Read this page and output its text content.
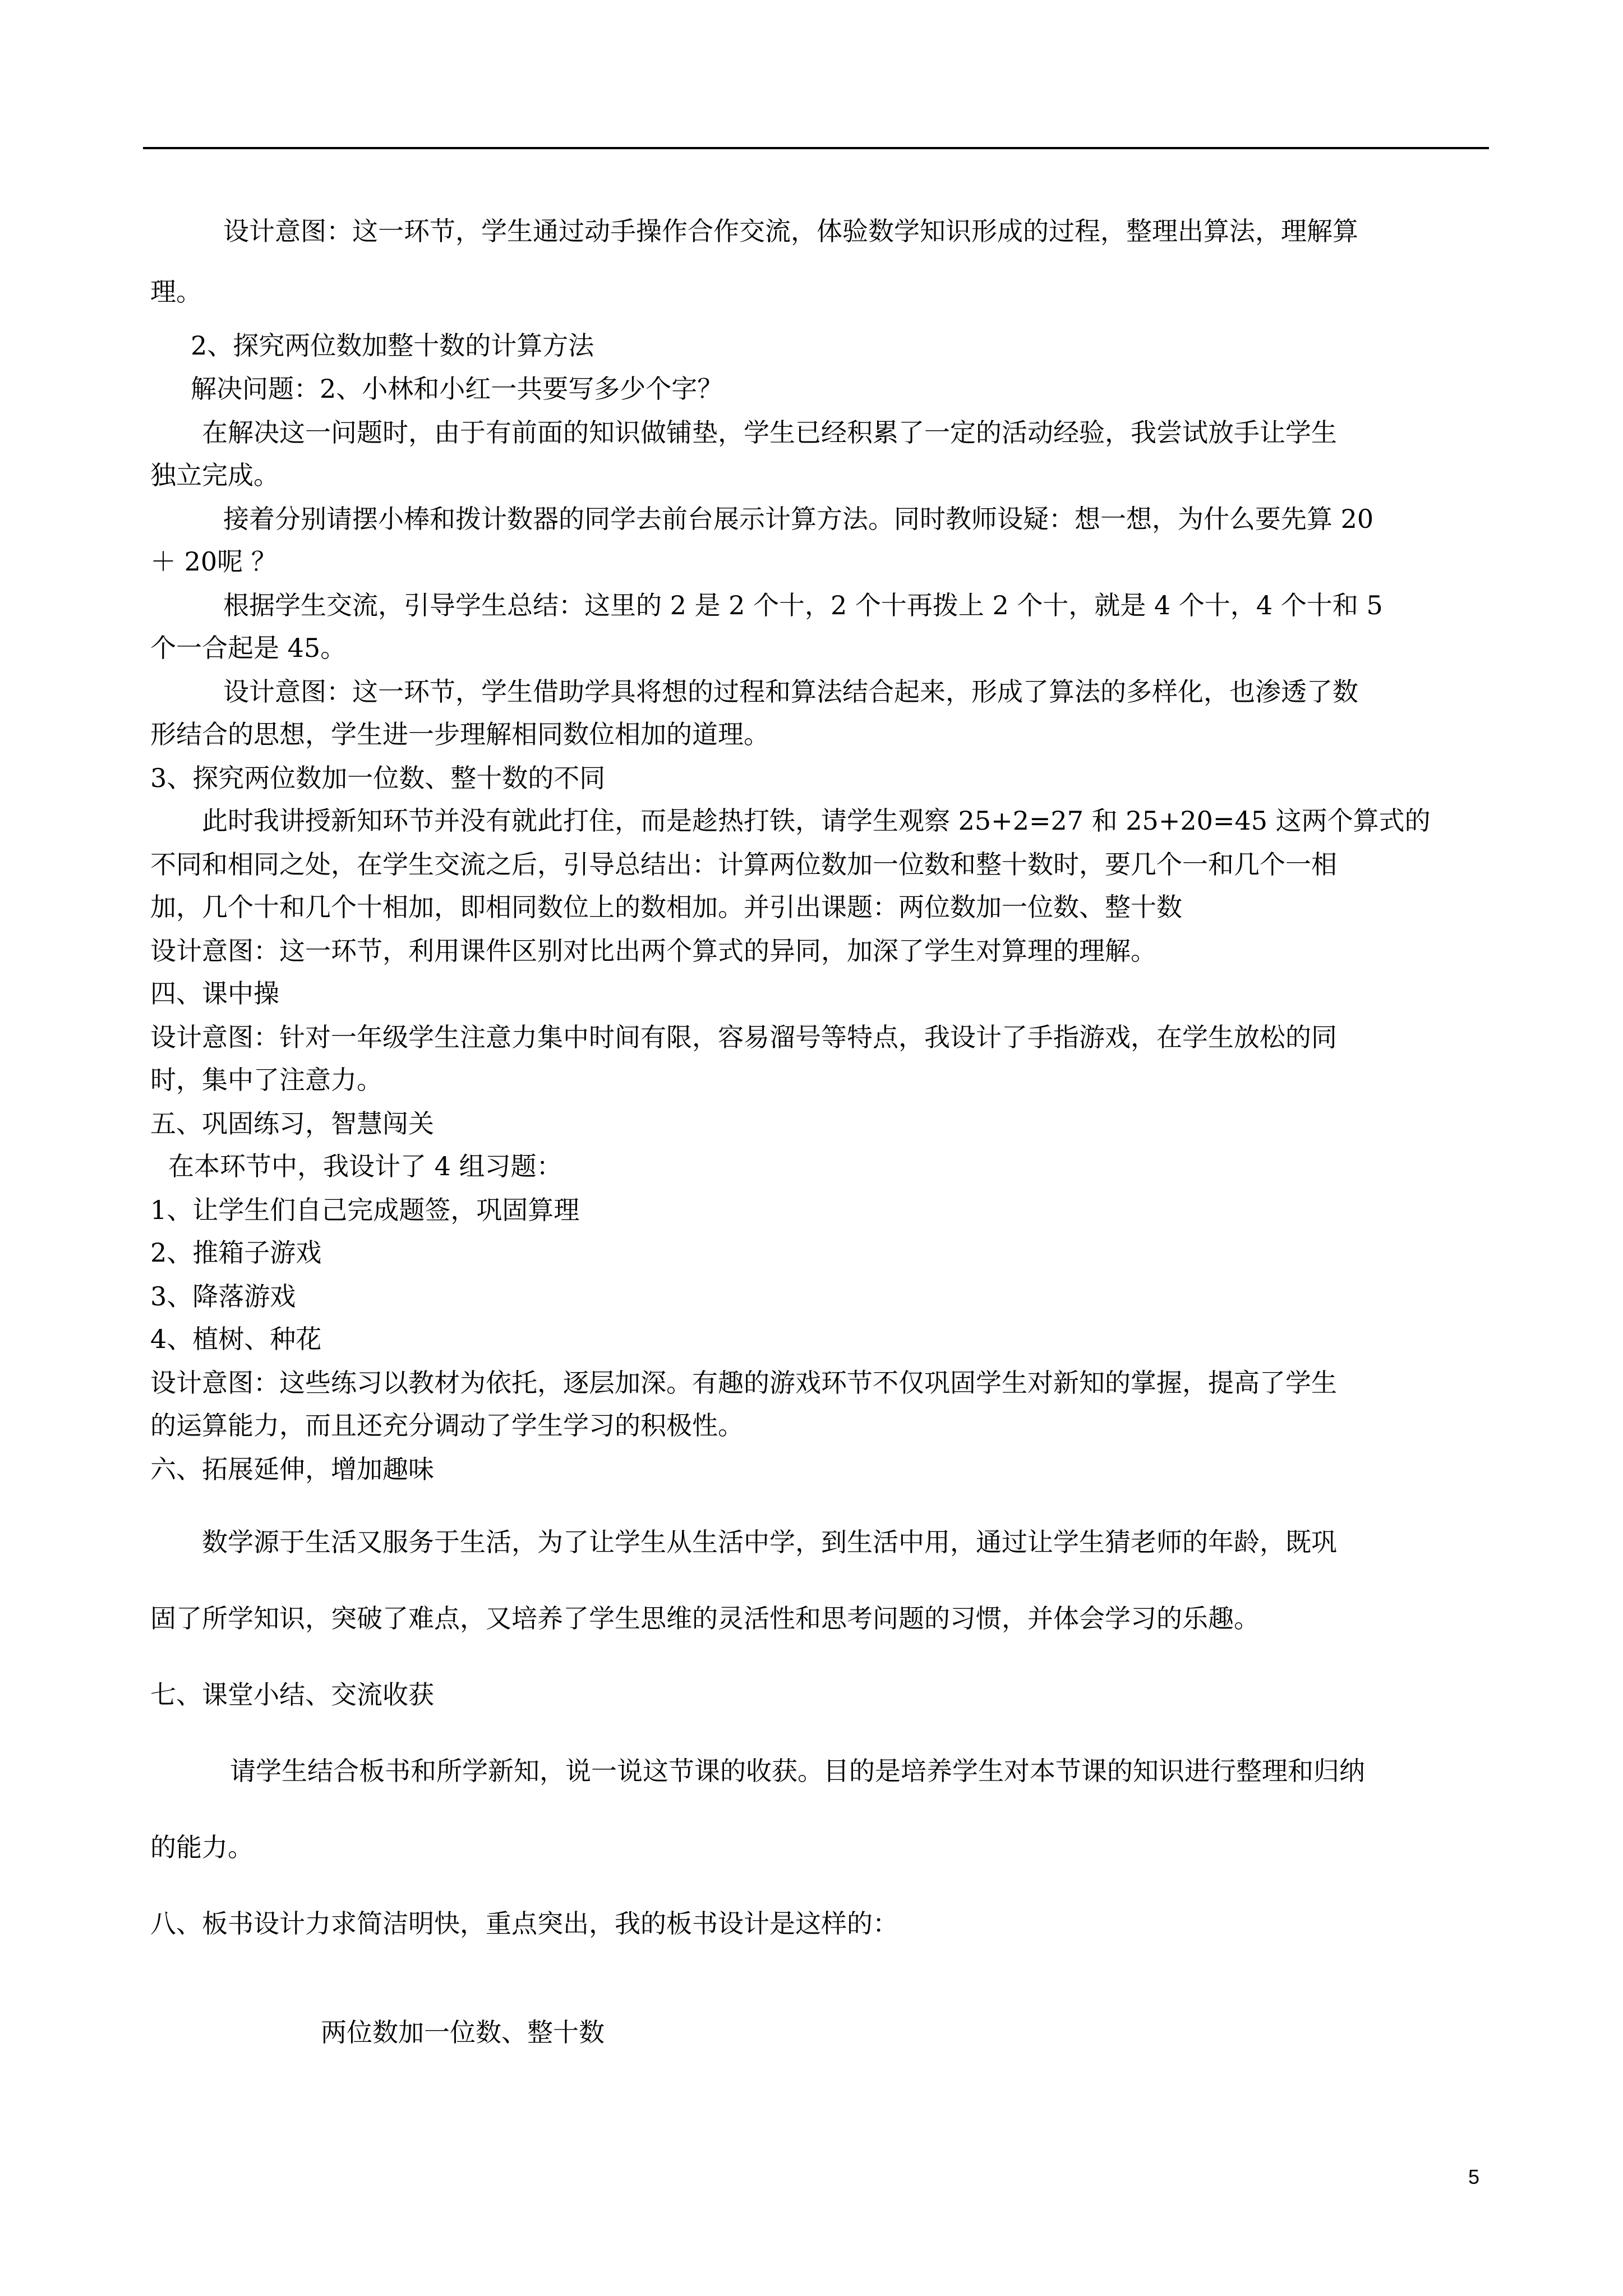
设计意图：这一环节，学生通过动手操作合作交流，体验数学知识形成的过程，整理出算法，理解算
理。
2、探究两位数加整十数的计算方法
解决问题：2、小林和小红一共要写多少个字？
在解决这一问题时，由于有前面的知识做铺垫，学生已经积累了一定的活动经验，我尝试放手让学生
独立完成。
接着分别请摆小棒和拨计数器的同学去前台展示计算方法。同时教师设疑：想一想，为什么要先算 20
＋ 20呢 ？
根据学生交流，引导学生总结：这里的 2 是 2 个十，2 个十再拨上 2 个十，就是 4 个十，4 个十和 5
个一合起是 45。
设计意图：这一环节，学生借助学具将想的过程和算法结合起来，形成了算法的多样化，也渗透了数
形结合的思想，学生进一步理解相同数位相加的道理。
3、探究两位数加一位数、整十数的不同
此时我讲授新知环节并没有就此打住，而是趁热打铁，请学生观察 25+2=27 和 25+20=45 这两个算式的
不同和相同之处，在学生交流之后，引导总结出：计算两位数加一位数和整十数时，要几个一和几个一相
加，几个十和几个十相加，即相同数位上的数相加。并引出课题：两位数加一位数、整十数
设计意图：这一环节，利用课件区别对比出两个算式的异同，加深了学生对算理的理解。
四、课中操
设计意图：针对一年级学生注意力集中时间有限，容易溜号等特点，我设计了手指游戏，在学生放松的同
时，集中了注意力。
五、巩固练习，智慧闯关
在本环节中，我设计了 4 组习题：
1、让学生们自己完成题签，巩固算理
2、推箱子游戏
3、降落游戏
4、植树、种花
设计意图：这些练习以教材为依托，逐层加深。有趣的游戏环节不仅巩固学生对新知的掌握，提高了学生
的运算能力，而且还充分调动了学生学习的积极性。
六、拓展延伸，增加趣味
数学源于生活又服务于生活，为了让学生从生活中学，到生活中用，通过让学生猜老师的年龄，既巩
固了所学知识，突破了难点，又培养了学生思维的灵活性和思考问题的习惯，并体会学习的乐趣。
七、课堂小结、交流收获
请学生结合板书和所学新知，说一说这节课的收获。目的是培养学生对本节课的知识进行整理和归纳
的能力。
八、板书设计力求简洁明快，重点突出，我的板书设计是这样的：
两位数加一位数、整十数
5
